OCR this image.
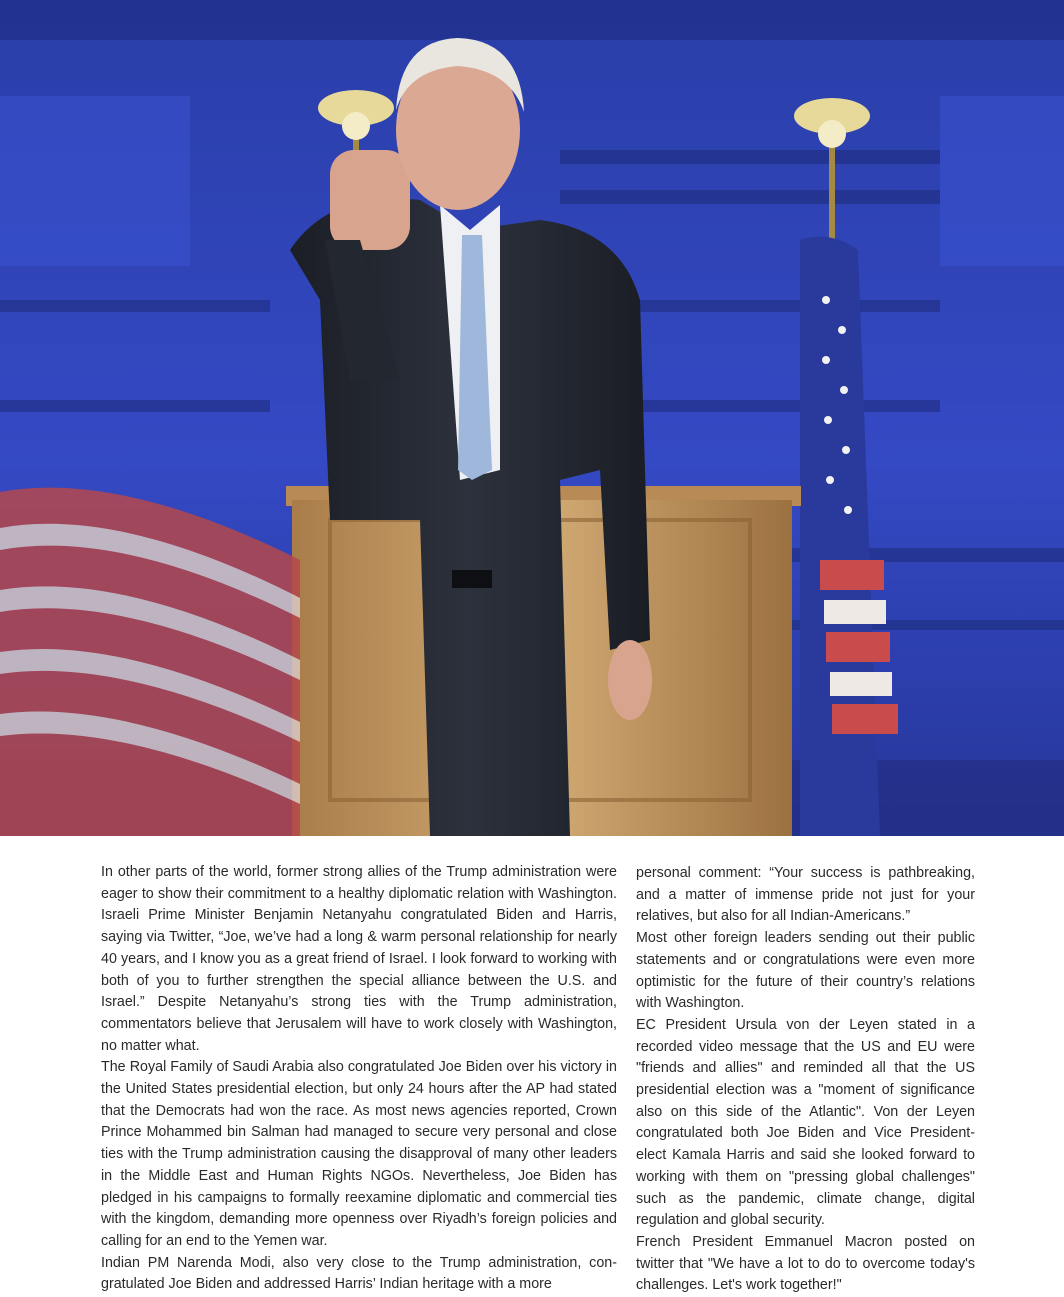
In other parts of the world, former strong allies of the Trump administration were eager to show their commitment to a healthy diplomatic relation with Washington. Israeli Prime Minister Benjamin Netanyahu congratulated Biden and Harris, saying via Twitter, “Joe, we’ve had a long & warm personal relationship for nearly 40 years, and I know you as a great friend of Israel. I look forward to working with both of you to further strengthen the special alliance between the U.S. and Israel.” Despite Netanyahu’s strong ties with the Trump administration, commentators believe that Jerusalem will have to work closely with Washington, no matter what.

The Royal Family of Saudi Arabia also congratulated Joe Biden over his victory in the United States presidential election, but only 24 hours after the AP had stated that the Democrats had won the race. As most news agencies reported, Crown Prince Mohammed bin Salman had managed to secure very personal and close ties with the Trump administration causing the disapproval of many other leaders in the Middle East and Human Rights NGOs. Nevertheless, Joe Biden has pledged in his campaigns to formally reexamine diplomatic and commercial ties with the kingdom, demanding more openness over Riyadh’s foreign policies and calling for an end to the Yemen war.

Indian PM Narenda Modi, also very close to the Trump administration, congratulated Joe Biden and addressed Harris’ Indian heritage with a more

personal comment: “Your success is pathbreaking, and a matter of immense pride not just for your relatives, but also for all Indian-Americans.”

Most other foreign leaders sending out their public statements and or congratulations were even more optimistic for the future of their country’s relations with Washington.

EC President Ursula von der Leyen stated in a recorded video message that the US and EU were "friends and allies" and reminded all that the US presidential election was a "moment of significance also on this side of the Atlantic". Von der Leyen congratulated both Joe Biden and Vice President-elect Kamala Harris and said she looked forward to working with them on "pressing global challenges" such as the pandemic, climate change, digital regulation and global security.

French President Emmanuel Macron posted on twitter that "We have a lot to do to overcome today's challenges. Let's work together!"
